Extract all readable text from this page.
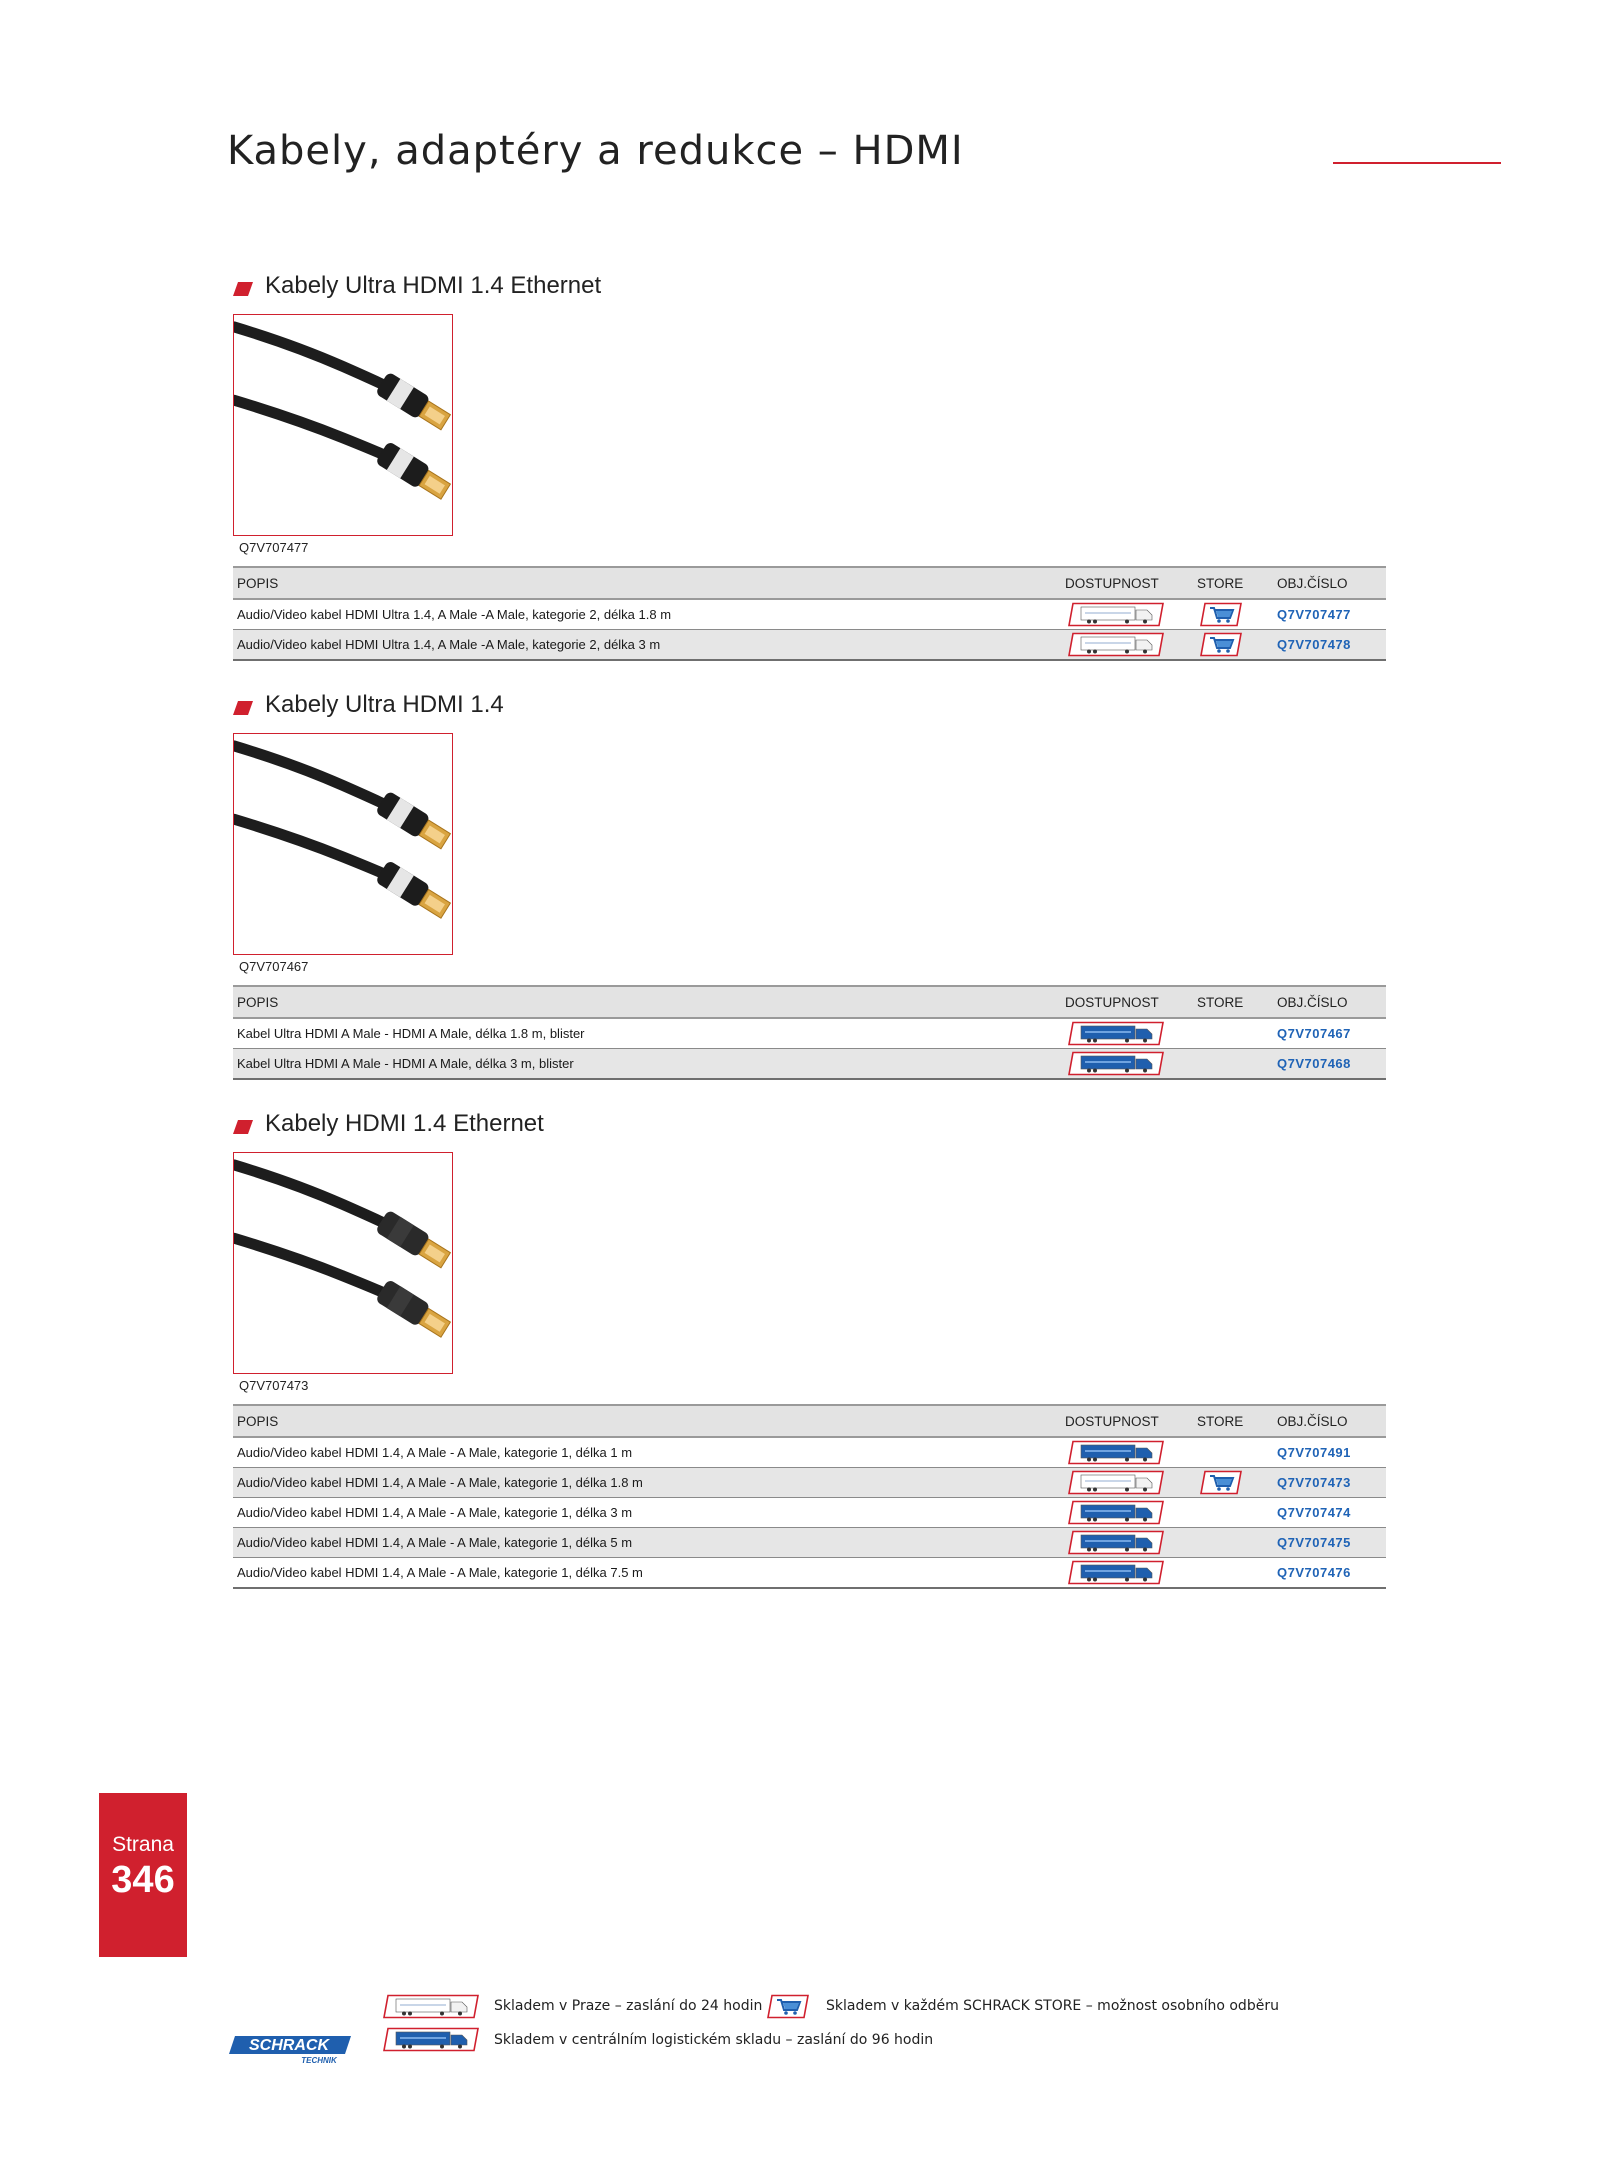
Kabely, adaptéry a redukce – HDMI
Kabely Ultra HDMI 1.4 Ethernet
Q7V707477
POPIS	DOSTUPNOST	STORE	OBJ.ČÍSLO
Audio/Video kabel HDMI Ultra 1.4, A Male -A Male, kategorie 2, délka 1.8 m			Q7V707477
Audio/Video kabel HDMI Ultra 1.4, A Male -A Male, kategorie 2, délka 3 m			Q7V707478
Kabely Ultra HDMI 1.4
Q7V707467
POPIS	DOSTUPNOST	STORE	OBJ.ČÍSLO
Kabel Ultra HDMI A Male - HDMI A Male, délka 1.8 m, blister			Q7V707467
Kabel Ultra HDMI A Male - HDMI A Male, délka 3 m, blister			Q7V707468
Kabely HDMI 1.4 Ethernet
Q7V707473
POPIS	DOSTUPNOST	STORE	OBJ.ČÍSLO
Audio/Video kabel HDMI 1.4, A Male - A Male, kategorie 1, délka 1 m			Q7V707491
Audio/Video kabel HDMI 1.4, A Male - A Male, kategorie 1, délka 1.8 m			Q7V707473
Audio/Video kabel HDMI 1.4, A Male - A Male, kategorie 1, délka 3 m			Q7V707474
Audio/Video kabel HDMI 1.4, A Male - A Male, kategorie 1, délka 5 m			Q7V707475
Audio/Video kabel HDMI 1.4, A Male - A Male, kategorie 1, délka 7.5 m			Q7V707476
Strana
346
Skladem v Praze – zaslání do 24 hodin	Skladem v každém SCHRACK STORE – možnost osobního odběru
Skladem v centrálním logistickém skladu – zaslání do 96 hodin
SCHRACK
TECHNIK
